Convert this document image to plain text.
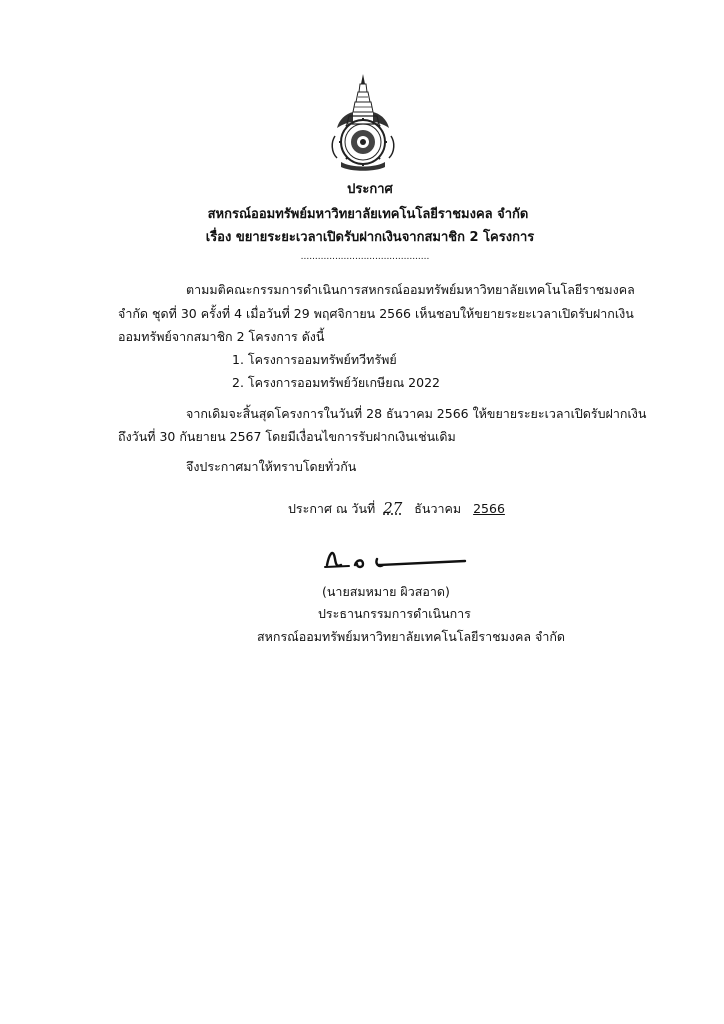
ประกาศ
สหกรณ์ออมทรัพย์มหาวิทยาลัยเทคโนโลยีราชมงคล จำกัด
เรื่อง ขยายระยะเวลาเปิดรับฝากเงินจากสมาชิก 2 โครงการ
.............................................
ตามมติคณะกรรมการดำเนินการสหกรณ์ออมทรัพย์มหาวิทยาลัยเทคโนโลยีราชมงคล
จำกัด ชุดที่ 30 ครั้งที่ 4 เมื่อวันที่ 29 พฤศจิกายน 2566 เห็นชอบให้ขยายระยะเวลาเปิดรับฝากเงิน
ออมทรัพย์จากสมาชิก 2 โครงการ ดังนี้
1. โครงการออมทรัพย์ทวีทรัพย์
2. โครงการออมทรัพย์วัยเกษียณ 2022
จากเดิมจะสิ้นสุดโครงการในวันที่ 28 ธันวาคม 2566 ให้ขยายระยะเวลาเปิดรับฝากเงิน
ถึงวันที่ 30 กันยายน 2567 โดยมีเงื่อนไขการรับฝากเงินเช่นเดิม
จึงประกาศมาให้ทราบโดยทั่วกัน
ประกาศ ณ วันที่ 27 ธันวาคม 2566
(นายสมหมาย ผิวสอาด)
ประธานกรรมการดำเนินการ
สหกรณ์ออมทรัพย์มหาวิทยาลัยเทคโนโลยีราชมงคล จำกัด
